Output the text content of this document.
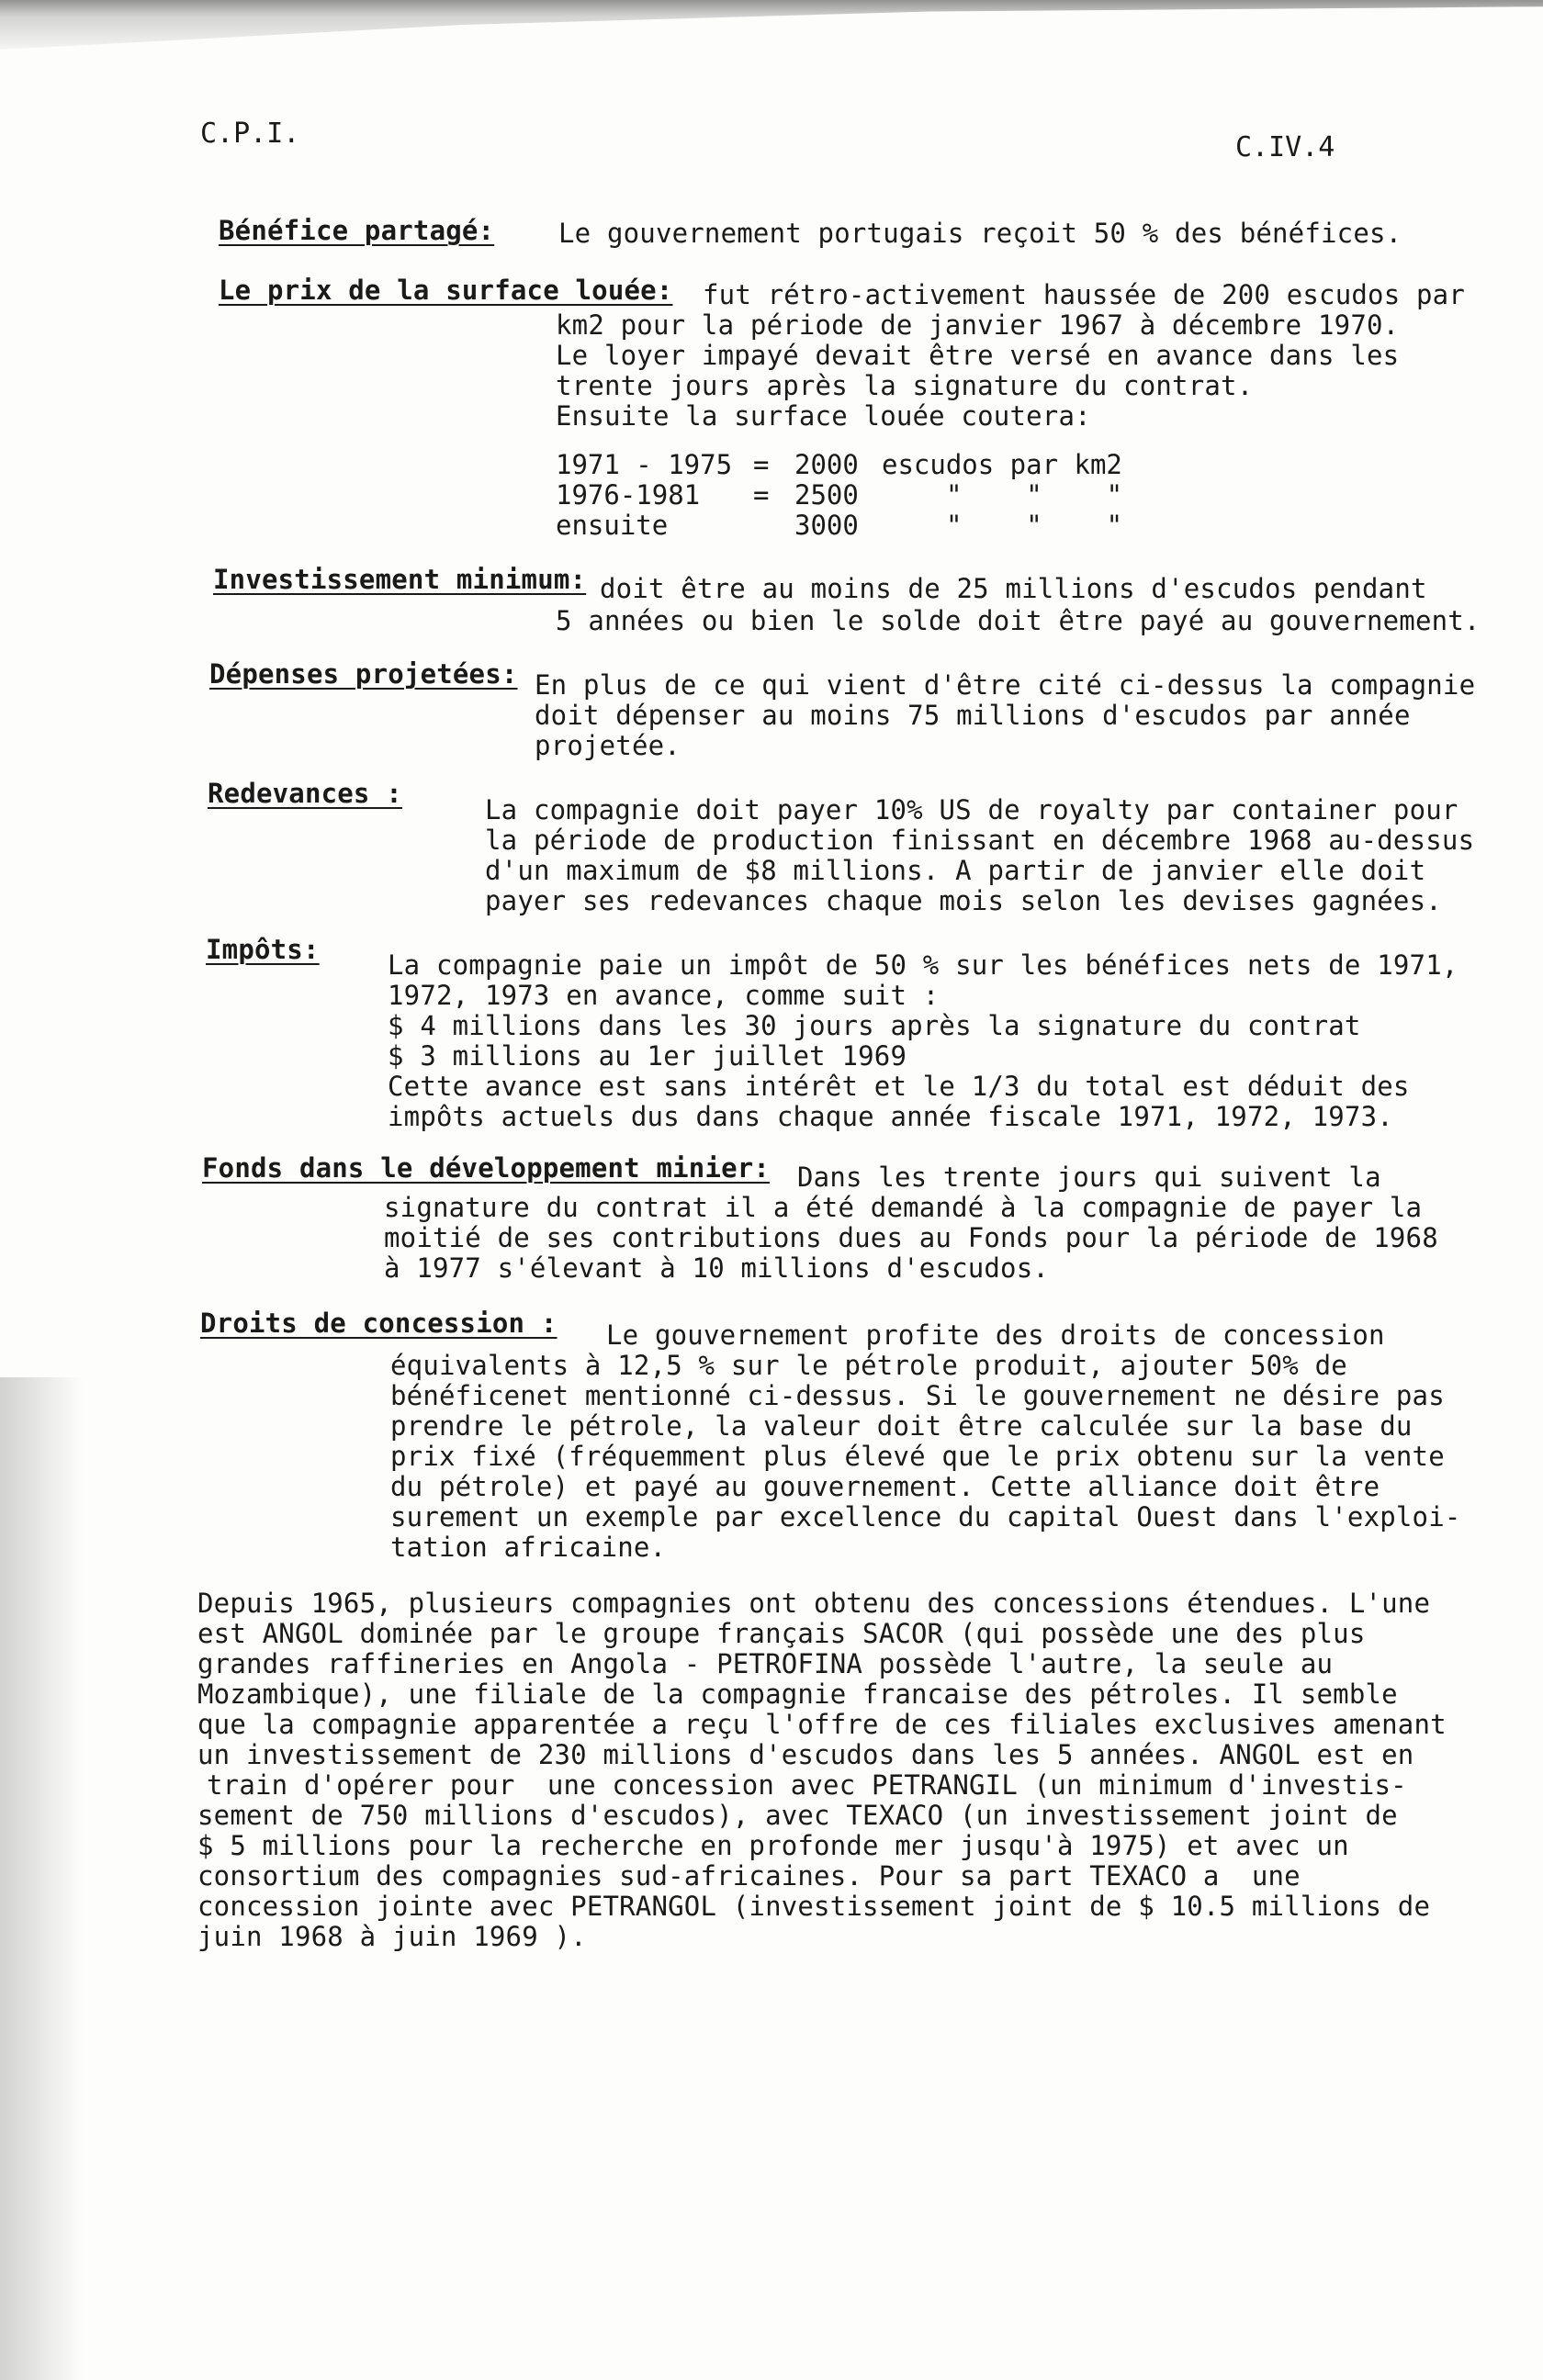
C.P.I.	C.IV.4
Bénéfice partagé: Le gouvernement portugais reçoit 50 % des bénéfices.
Le prix de la surface louée: fut rétro-activement haussée de 200 escudos par
km2 pour la période de janvier 1967 à décembre 1970.
Le loyer impayé devait être versé en avance dans les
trente jours après la signature du contrat.
Ensuite la surface louée coutera:
1971 - 1975 = 2000 escudos par km2
1976-1981 = 2500	"    "    "
ensuite	3000	"    "    "
Investissement minimum: doit être au moins de 25 millions d'escudos pendant
5 années ou bien le solde doit être payé au gouvernement.
Dépenses projetées: En plus de ce qui vient d'être cité ci-dessus la compagnie
doit dépenser au moins 75 millions d'escudos par année
projetée.
Redevances :
La compagnie doit payer 10% US de royalty par container pour
la période de production finissant en décembre 1968 au-dessus
d'un maximum de $8 millions. A partir de janvier elle doit
payer ses redevances chaque mois selon les devises gagnées.
Impôts:	La compagnie paie un impôt de 50 % sur les bénéfices nets de 1971,
1972, 1973 en avance, comme suit :
$ 4 millions dans les 30 jours après la signature du contrat
$ 3 millions au 1er juillet 1969
Cette avance est sans intérêt et le 1/3 du total est déduit des
impôts actuels dus dans chaque année fiscale 1971, 1972, 1973.
Fonds dans le développement minier: Dans les trente jours qui suivent la
signature du contrat il a été demandé à la compagnie de payer la
moitié de ses contributions dues au Fonds pour la période de 1968
à 1977 s'élevant à 10 millions d'escudos.
Droits de concession : Le gouvernement profite des droits de concession
équivalents à 12,5 % sur le pétrole produit, ajouter 50% de
bénéficenet mentionné ci-dessus. Si le gouvernement ne désire pas
prendre le pétrole, la valeur doit être calculée sur la base du
prix fixé (fréquemment plus élevé que le prix obtenu sur la vente
du pétrole) et payé au gouvernement. Cette alliance doit être
surement un exemple par excellence du capital Ouest dans l'exploi-
tation africaine.
Depuis 1965, plusieurs compagnies ont obtenu des concessions étendues. L'une
est ANGOL dominée par le groupe français SACOR (qui possède une des plus
grandes raffineries en Angola - PETROFINA possède l'autre, la seule au
Mozambique), une filiale de la compagnie francaise des pétroles. Il semble
que la compagnie apparentée a reçu l'offre de ces filiales exclusives amenant
un investissement de 230 millions d'escudos dans les 5 années. ANGOL est en
train d'opérer pour  une concession avec PETRANGIL (un minimum d'investis-
sement de 750 millions d'escudos), avec TEXACO (un investissement joint de
$ 5 millions pour la recherche en profonde mer jusqu'à 1975) et avec un
consortium des compagnies sud-africaines. Pour sa part TEXACO a  une
concession jointe avec PETRANGOL (investissement joint de $ 10.5 millions de
juin 1968 à juin 1969 ).
